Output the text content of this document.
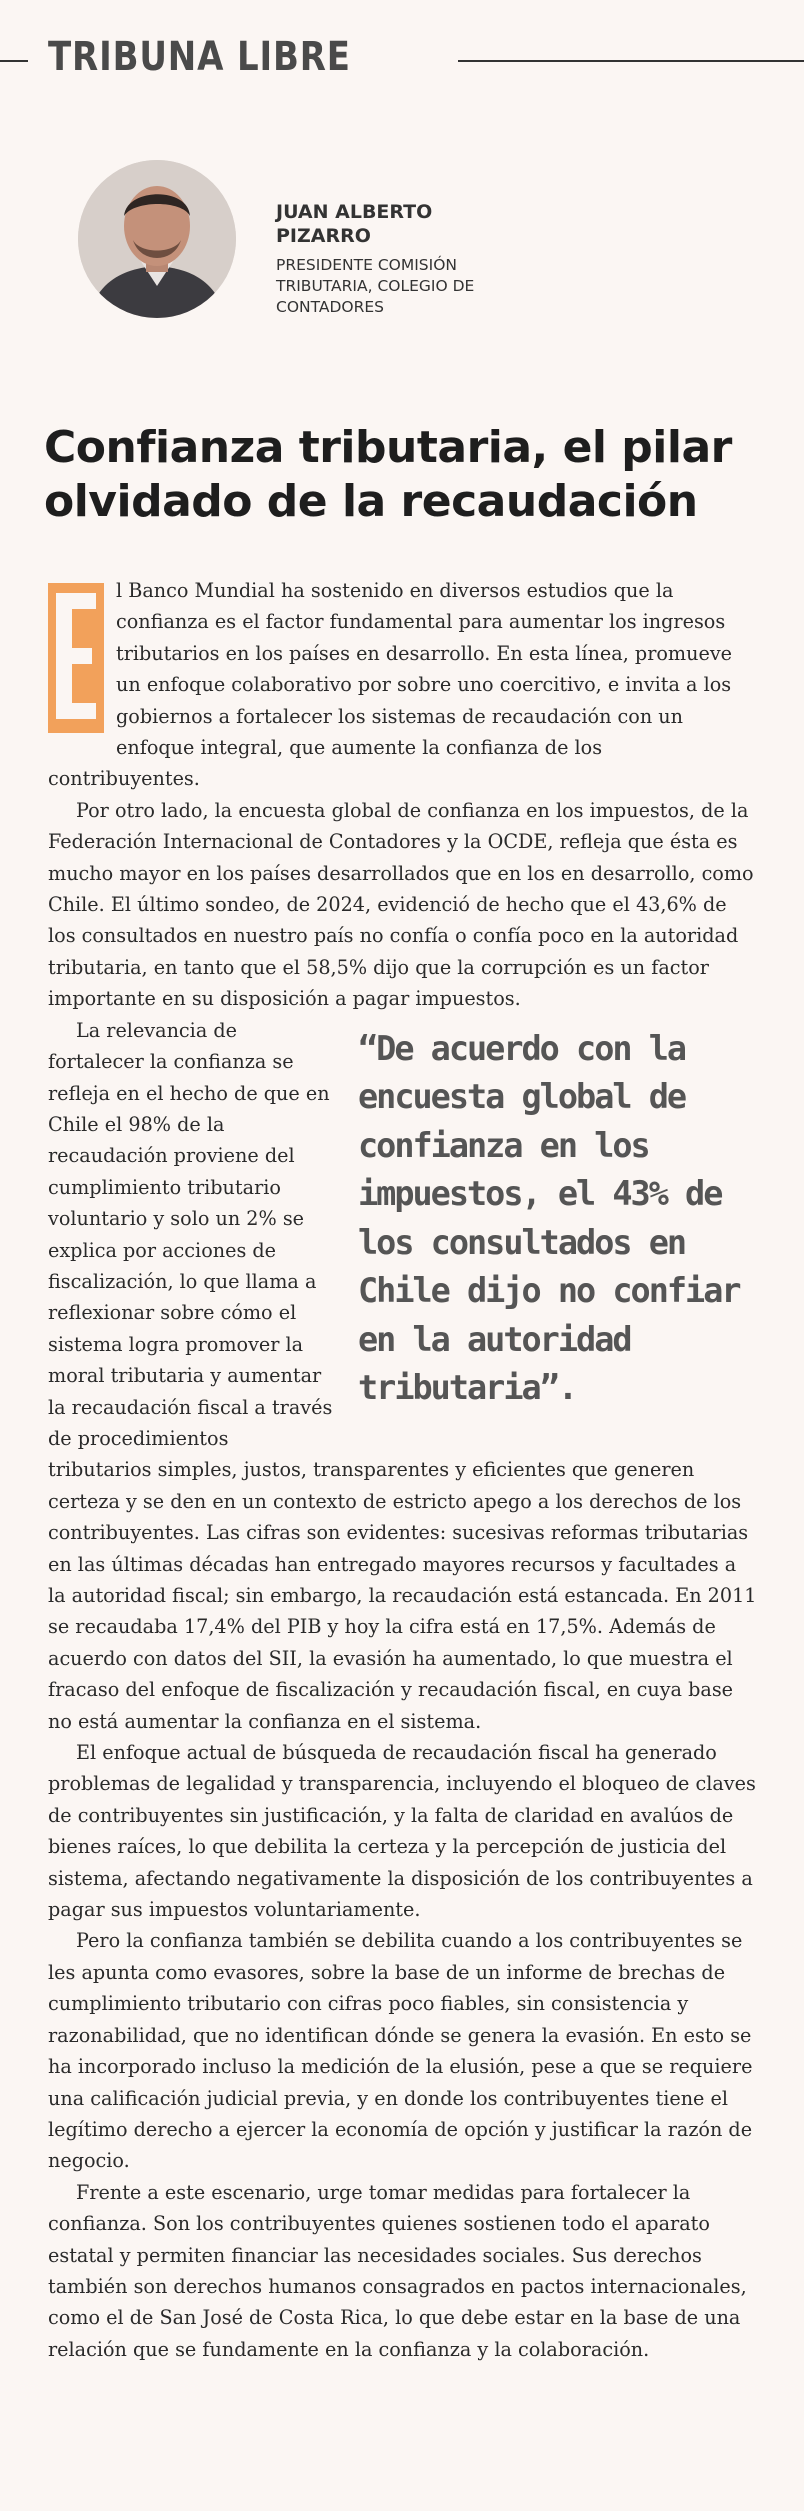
TRIBUNA LIBRE
JUAN ALBERTO PIZARRO
PRESIDENTE COMISIÓN TRIBUTARIA, COLEGIO DE CONTADORES
Confianza tributaria, el pilar olvidado de la recaudación

l Banco Mundial ha sostenido en diversos estudios que la confianza es el factor fundamental para aumentar los ingresos tributarios en los países en desarrollo. En esta línea, promueve un enfoque colaborativo por sobre uno coercitivo, e invita a los gobiernos a fortalecer los sistemas de recaudación con un enfoque integral, que aumente la confianza de los contribuyentes.

Por otro lado, la encuesta global de confianza en los impuestos, de la Federación Internacional de Contadores y la OCDE, refleja que ésta es mucho mayor en los países desarrollados que en los en desarrollo, como Chile. El último sondeo, de 2024, evidenció de hecho que el 43,6% de los consultados en nuestro país no confía o confía poco en la autoridad tributaria, en tanto que el 58,5% dijo que la corrupción es un factor importante en su disposición a pagar impuestos.

“De acuerdo con la encuesta global de confianza en los impuestos, el 43% de los consultados en Chile dijo no confiar en la autoridad tributaria”.
La relevancia de fortalecer la confianza se refleja en el hecho de que en Chile el 98% de la recaudación proviene del cumplimiento tributario voluntario y solo un 2% se explica por acciones de fiscalización, lo que llama a reflexionar sobre cómo el sistema logra promover la moral tributaria y aumentar la recaudación fiscal a través de procedimientos tributarios simples, justos, transparentes y eficientes que generen certeza y se den en un contexto de estricto apego a los derechos de los contribuyentes. Las cifras son evidentes: sucesivas reformas tributarias en las últimas décadas han entregado mayores recursos y facultades a la autoridad fiscal; sin embargo, la recaudación está estancada. En 2011 se recaudaba 17,4% del PIB y hoy la cifra está en 17,5%. Además de acuerdo con datos del SII, la evasión ha aumentado, lo que muestra el fracaso del enfoque de fiscalización y recaudación fiscal, en cuya base no está aumentar la confianza en el sistema.

El enfoque actual de búsqueda de recaudación fiscal ha generado problemas de legalidad y transparencia, incluyendo el bloqueo de claves de contribuyentes sin justificación, y la falta de claridad en avalúos de bienes raíces, lo que debilita la certeza y la percepción de justicia del sistema, afectando negativamente la disposición de los contribuyentes a pagar sus impuestos voluntariamente.

Pero la confianza también se debilita cuando a los contribuyentes se les apunta como evasores, sobre la base de un informe de brechas de cumplimiento tributario con cifras poco fiables, sin consistencia y razonabilidad, que no identifican dónde se genera la evasión. En esto se ha incorporado incluso la medición de la elusión, pese a que se requiere una calificación judicial previa, y en donde los contribuyentes tiene el legítimo derecho a ejercer la economía de opción y justificar la razón de negocio.

Frente a este escenario, urge tomar medidas para fortalecer la confianza. Son los contribuyentes quienes sostienen todo el aparato estatal y permiten financiar las necesidades sociales. Sus derechos también son derechos humanos consagrados en pactos internacionales, como el de San José de Costa Rica, lo que debe estar en la base de una relación que se fundamente en la confianza y la colaboración.
